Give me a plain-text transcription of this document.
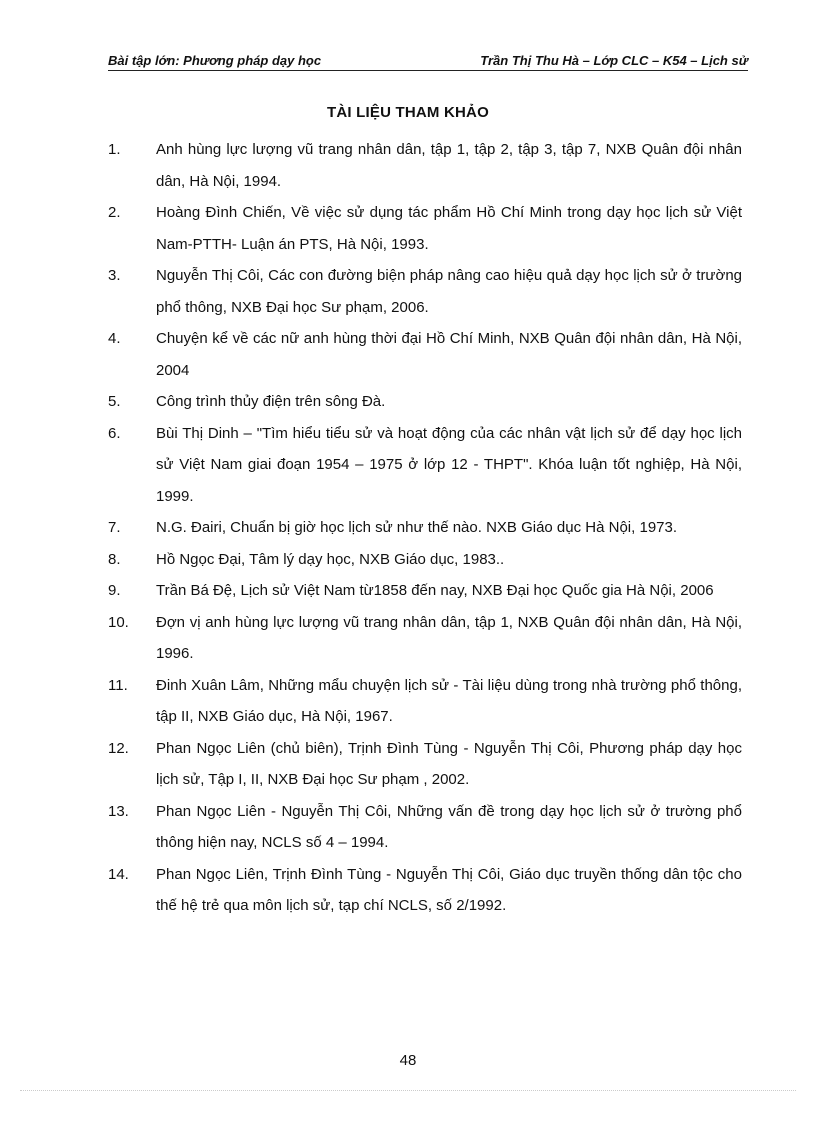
Bài tập lớn: Phương pháp dạy học	Trần Thị Thu Hà – Lớp CLC – K54 – Lịch sử
TÀI LIỆU THAM KHẢO
1. Anh hùng lực lượng vũ trang nhân dân, tập 1, tập 2, tập 3, tập 7, NXB Quân đội nhân dân, Hà Nội, 1994.
2. Hoàng Đình Chiến, Về việc sử dụng tác phẩm Hồ Chí Minh trong dạy học lịch sử Việt Nam-PTTH- Luận án PTS, Hà Nội, 1993.
3. Nguyễn Thị Côi, Các con đường biện pháp nâng cao hiệu quả dạy học lịch sử ở trường phổ thông, NXB Đại học Sư phạm, 2006.
4. Chuyện kể về các nữ anh hùng thời đại Hồ Chí Minh, NXB Quân đội nhân dân, Hà Nội, 2004
5. Công trình thủy điện trên sông Đà.
6. Bùi Thị Dinh – "Tìm hiểu tiểu sử và hoạt động của các nhân vật lịch sử để dạy học lịch sử Việt Nam giai đoạn 1954 – 1975 ở lớp 12 - THPT". Khóa luận tốt nghiệp, Hà Nội, 1999.
7. N.G. Đairi, Chuẩn bị giờ học lịch sử như thế nào. NXB Giáo dục Hà Nội, 1973.
8. Hồ Ngọc Đại, Tâm lý dạy học, NXB Giáo dục, 1983..
9. Trần Bá Đệ, Lịch sử Việt Nam từ1858 đến nay, NXB Đại học Quốc gia Hà Nội, 2006
10. Đợn vị anh hùng lực lượng vũ trang nhân dân, tập 1, NXB Quân đội nhân dân, Hà Nội, 1996.
11. Đinh Xuân Lâm, Những mẩu chuyện lịch sử - Tài liệu dùng trong nhà trường phổ thông, tập II, NXB Giáo dục, Hà Nội, 1967.
12. Phan Ngọc Liên (chủ biên), Trịnh Đình Tùng - Nguyễn Thị Côi, Phương pháp dạy học lịch sử, Tập I, II, NXB Đại học Sư phạm , 2002.
13. Phan Ngọc Liên - Nguyễn Thị Côi, Những vấn đề trong dạy học lịch sử ở trường phổ thông hiện nay, NCLS số 4 – 1994.
14. Phan Ngọc Liên, Trịnh Đình Tùng - Nguyễn Thị Côi, Giáo dục truyền thống dân tộc cho thế hệ trẻ qua môn lịch sử, tạp chí NCLS, số 2/1992.
48
